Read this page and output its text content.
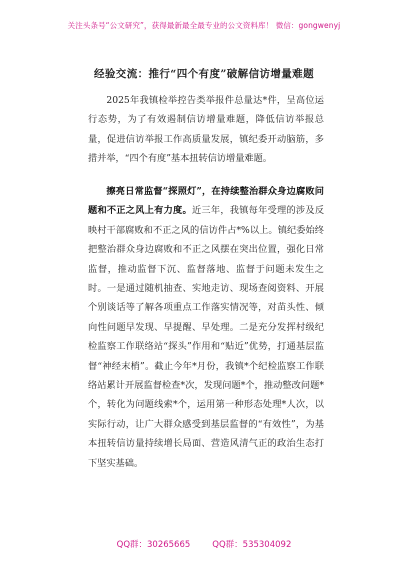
关注头条号“公文研究”，获得最新最全最专业的公文资料库！ 微信：gongwenyj
经验交流：推行“四个有度”破解信访增量难题

2025年我镇检举控告类举报件总量达*件，呈高位运行态势，为了有效遏制信访增量难题，降低信访举报总量，促进信访举报工作高质量发展，镇纪委开动脑筋，多措并举，“四个有度”基本扭转信访增量难题。

擦亮日常监督“探照灯”，在持续整治群众身边腐败问题和不正之风上有力度。近三年，我镇每年受理的涉及反映村干部腐败和不正之风的信访件占*%以上。镇纪委始终把整治群众身边腐败和不正之风摆在突出位置，强化日常监督，推动监督下沉、监督落地、监督于问题未发生之时。一是通过随机抽查、实地走访、现场查阅资料、开展个别谈话等了解各项重点工作落实情况等，对苗头性、倾向性问题早发现、早提醒、早处理。二是充分发挥村级纪检监察工作联络站“探头”作用和“贴近”优势，打通基层监督“神经末梢”。截止今年*月份，我镇*个纪检监察工作联络站累计开展监督检查*次，发现问题*个，推动整改问题*个，转化为问题线索*个，运用第一种形态处理*人次，以实际行动，让广大群众感受到基层监督的“有效性”，为基本扭转信访量持续增长局面、营造风清气正的政治生态打下坚实基础。

QQ群：30265665	QQ群：535304092
